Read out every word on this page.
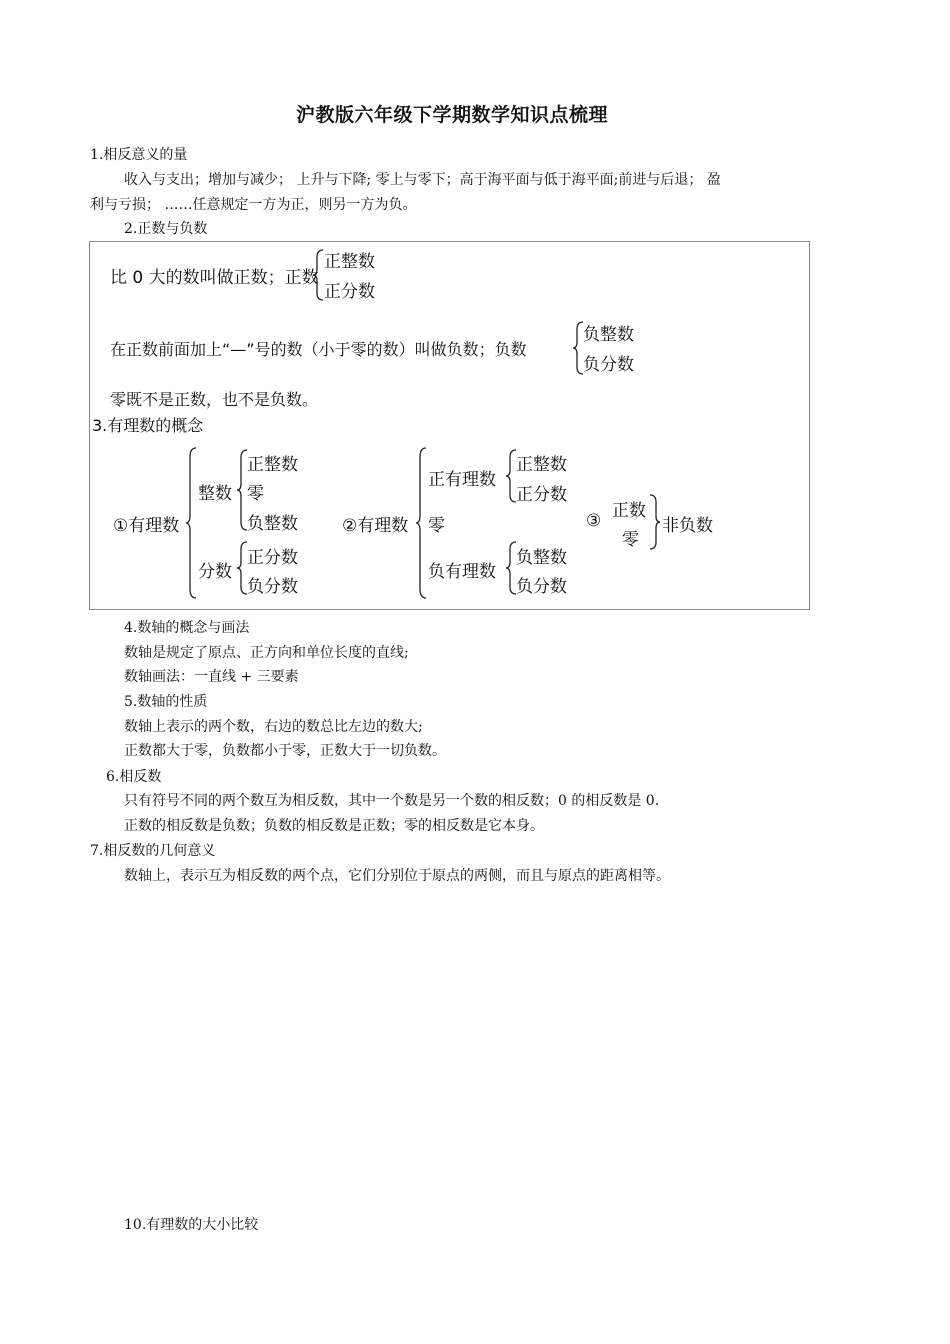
沪教版六年级下学期数学知识点梳理
1.相反意义的量
收入与支出；增加与减少； 上升与下降; 零上与零下；高于海平面与低于海平面;前进与后退； 盈
利与亏损； ……任意规定一方为正，则另一方为负。
2.正数与负数
比 0 大的数叫做正数；正数
正整数
正分数
在正数前面加上“—”号的数（小于零的数）叫做负数；负数
负整数
负分数
零既不是正数，也不是负数。
3.有理数的概念
①有理数
整数
正整数
零
负整数
分数
正分数
负分数
②有理数
正有理数
正整数
正分数
零
负有理数
负整数
负分数
③ 正数
零
非负数
4.数轴的概念与画法
数轴是规定了原点、正方向和单位长度的直线;
数轴画法：一直线 + 三要素
5.数轴的性质
数轴上表示的两个数，右边的数总比左边的数大;
正数都大于零，负数都小于零，正数大于一切负数。
6.相反数
只有符号不同的两个数互为相反数，其中一个数是另一个数的相反数；0 的相反数是 0.
正数的相反数是负数；负数的相反数是正数；零的相反数是它本身。
7.相反数的几何意义
数轴上，表示互为相反数的两个点，它们分别位于原点的两侧，而且与原点的距离相等。
10.有理数的大小比较
